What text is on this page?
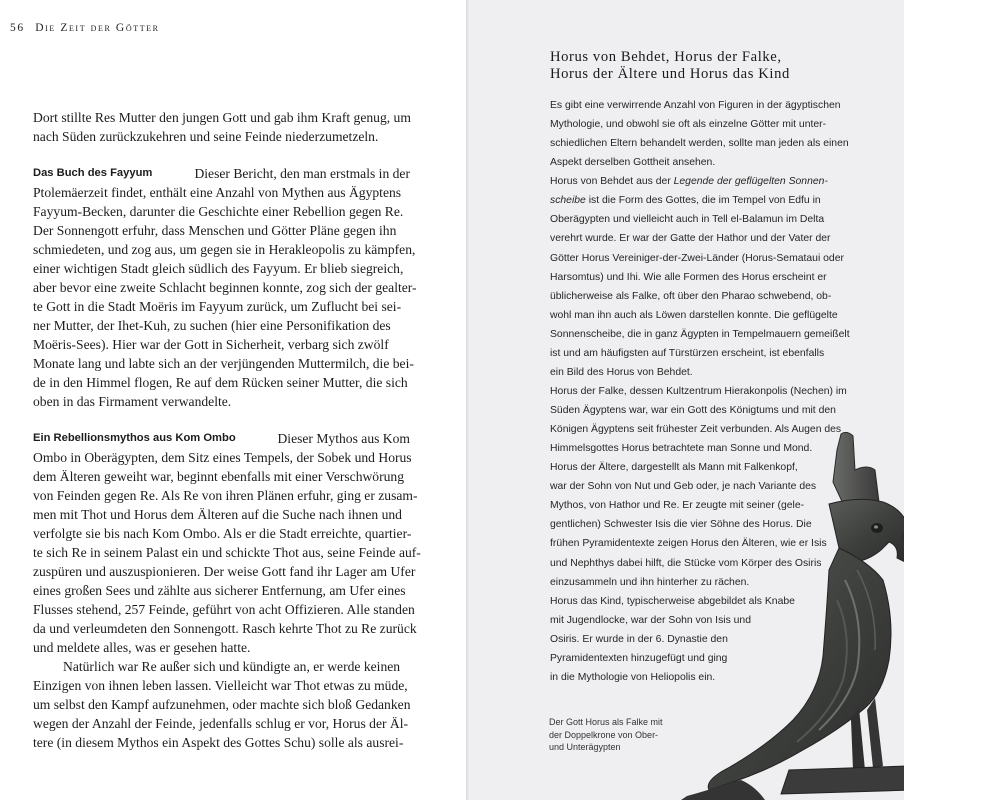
56 Die Zeit der Götter
Dort stillte Res Mutter den jungen Gott und gab ihm Kraft genug, um
nach Süden zurückzukehren und seine Feinde niederzumetzeln.
Das Buch des Fayyum	Dieser Bericht, den man erstmals in der
Ptolemäerzeit findet, enthält eine Anzahl von Mythen aus Ägyptens
Fayyum-Becken, darunter die Geschichte einer Rebellion gegen Re.
Der Sonnengott erfuhr, dass Menschen und Götter Pläne gegen ihn
schmiedeten, und zog aus, um gegen sie in Herakleopolis zu kämpfen,
einer wichtigen Stadt gleich südlich des Fayyum. Er blieb siegreich,
aber bevor eine zweite Schlacht beginnen konnte, zog sich der gealter-
te Gott in die Stadt Moëris im Fayyum zurück, um Zuflucht bei sei-
ner Mutter, der Ihet-Kuh, zu suchen (hier eine Personifikation des
Moëris-Sees). Hier war der Gott in Sicherheit, verbarg sich zwölf
Monate lang und labte sich an der verjüngenden Muttermilch, die bei-
de in den Himmel flogen, Re auf dem Rücken seiner Mutter, die sich
oben in das Firmament verwandelte.
Ein Rebellionsmythos aus Kom Ombo	Dieser Mythos aus Kom
Ombo in Oberägypten, dem Sitz eines Tempels, der Sobek und Horus
dem Älteren geweiht war, beginnt ebenfalls mit einer Verschwörung
von Feinden gegen Re. Als Re von ihren Plänen erfuhr, ging er zusam-
men mit Thot und Horus dem Älteren auf die Suche nach ihnen und
verfolgte sie bis nach Kom Ombo. Als er die Stadt erreichte, quartier-
te sich Re in seinem Palast ein und schickte Thot aus, seine Feinde auf-
zuspüren und auszuspionieren. Der weise Gott fand ihr Lager am Ufer
eines großen Sees und zählte aus sicherer Entfernung, am Ufer eines
Flusses stehend, 257 Feinde, geführt von acht Offizieren. Alle standen
da und verleumdeten den Sonnengott. Rasch kehrte Thot zu Re zurück
und meldete alles, was er gesehen hatte.
Natürlich war Re außer sich und kündigte an, er werde keinen
Einzigen von ihnen leben lassen. Vielleicht war Thot etwas zu müde,
um selbst den Kampf aufzunehmen, oder machte sich bloß Gedanken
wegen der Anzahl der Feinde, jedenfalls schlug er vor, Horus der Äl-
tere (in diesem Mythos ein Aspekt des Gottes Schu) solle als ausrei-
Horus von Behdet, Horus der Falke,
Horus der Ältere und Horus das Kind
Es gibt eine verwirrende Anzahl von Figuren in der ägyptischen
Mythologie, und obwohl sie oft als einzelne Götter mit unter-
schiedlichen Eltern behandelt werden, sollte man jeden als einen
Aspekt derselben Gottheit ansehen.
Horus von Behdet aus der Legende der geflügelten Sonnen-
scheibe ist die Form des Gottes, die im Tempel von Edfu in
Oberägypten und vielleicht auch in Tell el-Balamun im Delta
verehrt wurde. Er war der Gatte der Hathor und der Vater der
Götter Horus Vereiniger-der-Zwei-Länder (Horus-Semataui oder
Harsomtus) und Ihi. Wie alle Formen des Horus erscheint er
üblicherweise als Falke, oft über den Pharao schwebend, ob-
wohl man ihn auch als Löwen darstellen konnte. Die geflügelte
Sonnenscheibe, die in ganz Ägypten in Tempelmauern gemeißelt
ist und am häufigsten auf Türstürzen erscheint, ist ebenfalls
ein Bild des Horus von Behdet.
Horus der Falke, dessen Kultzentrum Hierakonpolis (Nechen) im
Süden Ägyptens war, war ein Gott des Königtums und mit den
Königen Ägyptens seit frühester Zeit verbunden. Als Augen des
Himmelsgottes Horus betrachtete man Sonne und Mond.
Horus der Ältere, dargestellt als Mann mit Falkenkopf,
war der Sohn von Nut und Geb oder, je nach Variante des
Mythos, von Hathor und Re. Er zeugte mit seiner (gele-
gentlichen) Schwester Isis die vier Söhne des Horus. Die
frühen Pyramidentexte zeigen Horus den Älteren, wie er Isis
und Nephthys dabei hilft, die Stücke vom Körper des Osiris
einzusammeln und ihn hinterher zu rächen.
Horus das Kind, typischerweise abgebildet als Knabe
mit Jugendlocke, war der Sohn von Isis und
Osiris. Er wurde in der 6. Dynastie den
Pyramidentexten hinzugefügt und ging
in die Mythologie von Heliopolis ein.
Der Gott Horus als Falke mit
der Doppelkrone von Ober-
und Unterägypten
